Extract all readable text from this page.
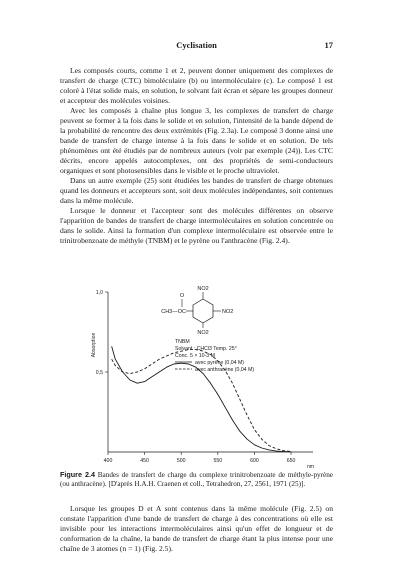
Cyclisation	17

Les composés courts, comme 1 et 2, peuvent donner uniquement des complexes de transfert de charge (CTC) bimoléculaire (b) ou intermoléculaire (c). Le composé 1 est coloré à l'état solide mais, en solution, le solvant fait écran et sépare les groupes donneur et accepteur des molécules voisines.

Avec les composés à chaîne plus longue 3, les complexes de transfert de charge peuvent se former à la fois dans le solide et en solution, l'intensité de la bande dépend de la probabilité de rencontre des deux extrémités (Fig. 2.3a). Le composé 3 donne ainsi une bande de transfert de charge intense à la fois dans le solide et en solution. De tels phénomènes ont été étudiés par de nombreux auteurs (voir par exemple (24)). Les CTC décrits, encore appelés autocomplexes, ont des propriétés de semi-conducteurs organiques et sont photosensibles dans le visible et le proche ultraviolet.

Dans un autre exemple (25) sont étudiées les bandes de transfert de charge obtenues quand les donneurs et accepteurs sont, soit deux molécules indépendantes, soit contenues dans la même molécule.

Lorsque le donneur et l'accepteur sont des molécules différentes on observe l'apparition de bandes de transfert de charge intermoléculaires en solution concentrée ou dans le solide. Ainsi la formation d'un complexe intermoléculaire est observée entre le trinitrobenzoate de méthyle (TNBM) et le pyrène ou l'anthracène (Fig. 2.4).

NO2
O
CH3—OC	NO2
NO2
TNBM
Solvant : CHCl3 Temp. 25°
Conc. 5 × 10-3 M
avec pyrène (0,04 M)
avec anthracène (0,04 M)
Absorption
nm
400	450	500	550	600	650
0,5
1,0
Figure 2.4 Bandes de transfert de charge du complexe trinitrobenzoate de méthyle-pyrène (ou anthracène). [D'après H.A.H. Craenen et coll., Tetrahedron, 27, 2561, 1971 (25)].

Lorsque les groupes D et A sont contenus dans la même molécule (Fig. 2.5) on constate l'apparition d'une bande de transfert de charge à des concentrations où elle est invisible pour les interactions intermoléculaires ainsi qu'un effet de longueur et de conformation de la chaîne, la bande de transfert de charge étant la plus intense pour une chaîne de 3 atomes (n = 1) (Fig. 2.5).
